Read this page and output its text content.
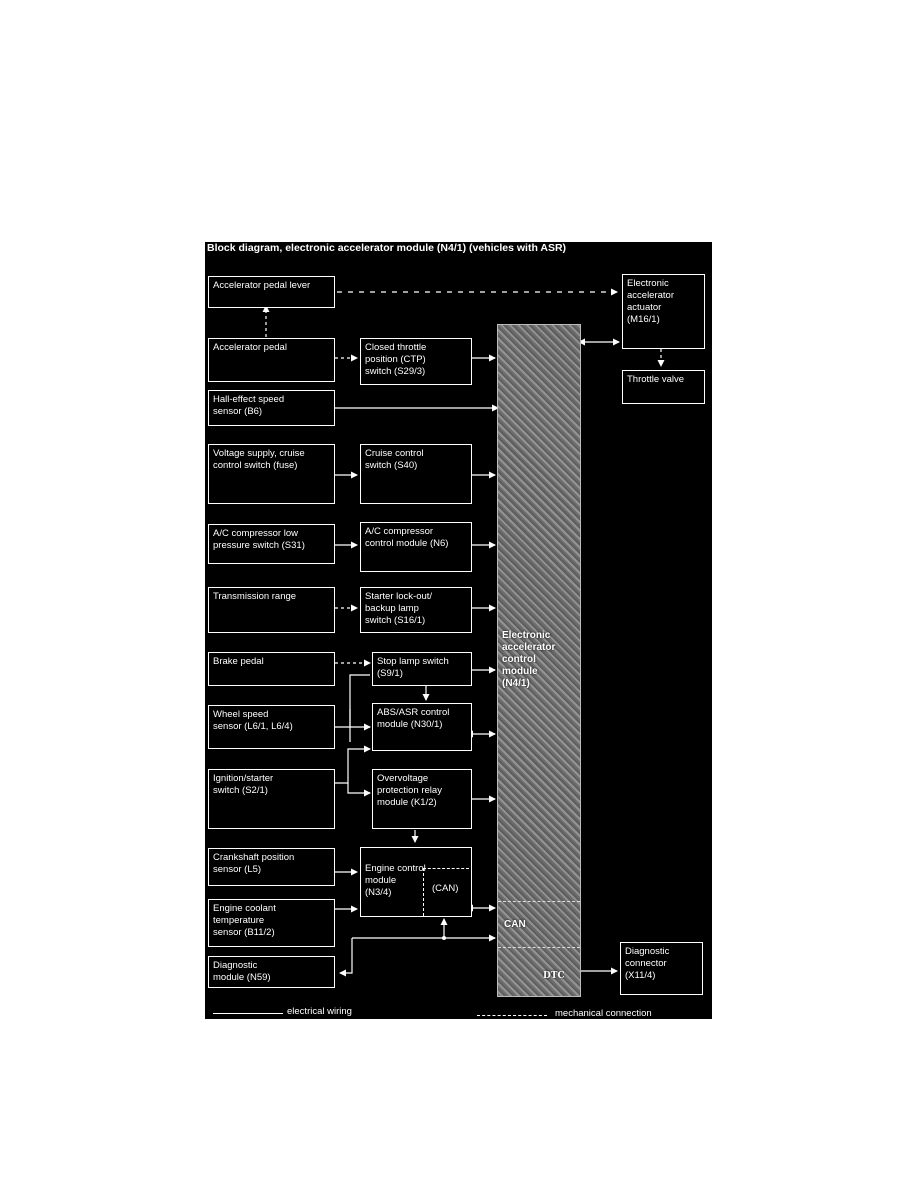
Block diagram, electronic accelerator module (N4/1) (vehicles with ASR)
Accelerator pedal lever	Electronic
accelerator
actuator
(M16/1)
Throttle valve
Accelerator pedal	Closed throttle
position (CTP)
switch (S29/3)
Hall-effect speed
sensor (B6)
Voltage supply, cruise
control switch (fuse)
Cruise control
switch (S40)
A/C compressor low
pressure switch (S31)
A/C compressor
control module (N6)
Transmission range	Starter lock-out/
backup lamp
switch (S16/1)
Brake pedal	Stop lamp switch
(S9/1)
Wheel speed
sensor (L6/1, L6/4)
ABS/ASR control
module (N30/1)
Ignition/starter
switch (S2/1)
Overvoltage
protection relay
module (K1/2)
Crankshaft position
sensor (L5)	Engine control
module
(N3/4)	(CAN)

Engine coolant
temperature
sensor (B11/2)
Diagnostic
module (N59)
Diagnostic
connector
(X11/4)
Electronic
accelerator
control
module
(N4/1)
CAN
DTC
electrical wiring	mechanical connection
